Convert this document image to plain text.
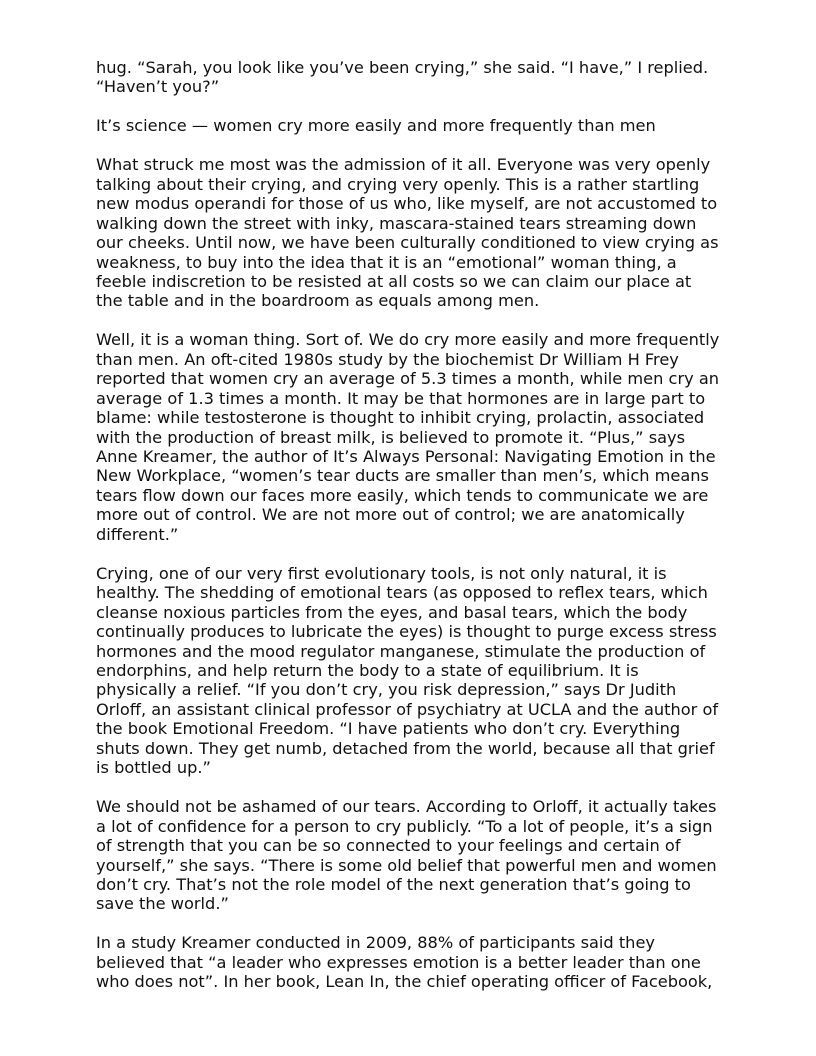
hug. “Sarah, you look like you’ve been crying,” she said. “I have,” I replied. “Haven’t you?”

It’s science — women cry more easily and more frequently than men

What struck me most was the admission of it all. Everyone was very openly talking about their crying, and crying very openly. This is a rather startling new modus operandi for those of us who, like myself, are not accustomed to walking down the street with inky, mascara-stained tears streaming down our cheeks. Until now, we have been culturally conditioned to view crying as weakness, to buy into the idea that it is an “emotional” woman thing, a feeble indiscretion to be resisted at all costs so we can claim our place at the table and in the boardroom as equals among men.

Well, it is a woman thing. Sort of. We do cry more easily and more frequently than men. An oft-cited 1980s study by the biochemist Dr William H Frey reported that women cry an average of 5.3 times a month, while men cry an average of 1.3 times a month. It may be that hormones are in large part to blame: while testosterone is thought to inhibit crying, prolactin, associated with the production of breast milk, is believed to promote it. “Plus,” says Anne Kreamer, the author of It’s Always Personal: Navigating Emotion in the New Workplace, “women’s tear ducts are smaller than men’s, which means tears flow down our faces more easily, which tends to communicate we are more out of control. We are not more out of control; we are anatomically different.”

Crying, one of our very first evolutionary tools, is not only natural, it is healthy. The shedding of emotional tears (as opposed to reflex tears, which cleanse noxious particles from the eyes, and basal tears, which the body continually produces to lubricate the eyes) is thought to purge excess stress hormones and the mood regulator manganese, stimulate the production of endorphins, and help return the body to a state of equilibrium. It is physically a relief. “If you don’t cry, you risk depression,” says Dr Judith Orloff, an assistant clinical professor of psychiatry at UCLA and the author of the book Emotional Freedom. “I have patients who don’t cry. Everything shuts down. They get numb, detached from the world, because all that grief is bottled up.”

We should not be ashamed of our tears. According to Orloff, it actually takes a lot of confidence for a person to cry publicly. “To a lot of people, it’s a sign of strength that you can be so connected to your feelings and certain of yourself,” she says. “There is some old belief that powerful men and women don’t cry. That’s not the role model of the next generation that’s going to save the world.”

In a study Kreamer conducted in 2009, 88% of participants said they believed that “a leader who expresses emotion is a better leader than one who does not”. In her book, Lean In, the chief operating officer of Facebook,
